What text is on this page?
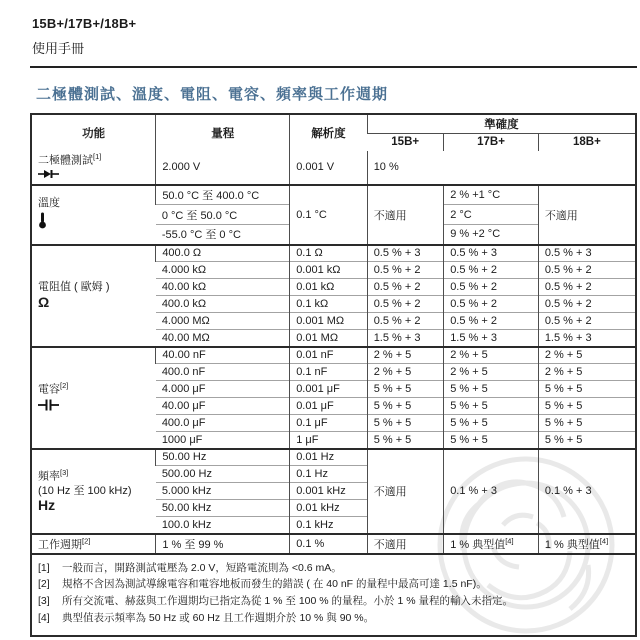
15B+/17B+/18B+
使用手冊
二極體測試、溫度、電阻、電容、頻率與工作週期
功能	量程	解析度	準確度		
			15B+	17B+	18B+

二極體測試[1]	2.000 V	0.001 V	10 %		

溫度	50.0 °C 至 400.0 °C	0.1 °C	不適用	2 % +1 °C	不適用
	0 °C 至 50.0 °C			2 °C	
	-55.0 °C 至 0 °C			9 % +2 °C	

電阻值 ( 歐姆 )
Ω	400.0 Ω	0.1 Ω	0.5 % + 3	0.5 % + 3	0.5 % + 3
	4.000 kΩ	0.001 kΩ	0.5 % + 2	0.5 % + 2	0.5 % + 2
	40.00 kΩ	0.01 kΩ	0.5 % + 2	0.5 % + 2	0.5 % + 2
	400.0 kΩ	0.1 kΩ	0.5 % + 2	0.5 % + 2	0.5 % + 2
	4.000 MΩ	0.001 MΩ	0.5 % + 2	0.5 % + 2	0.5 % + 2
	40.00 MΩ	0.01 MΩ	1.5 % + 3	1.5 % + 3	1.5 % + 3

電容[2]	40.00 nF	0.01 nF	2 % + 5	2 % + 5	2 % + 5
	400.0 nF	0.1 nF	2 % + 5	2 % + 5	2 % + 5
	4.000 μF	0.001 μF	5 % + 5	5 % + 5	5 % + 5
	40.00 μF	0.01 μF	5 % + 5	5 % + 5	5 % + 5
	400.0 μF	0.1 μF	5 % + 5	5 % + 5	5 % + 5
	1000 μF	1 μF	5 % + 5	5 % + 5	5 % + 5

頻率[3]
(10 Hz 至 100 kHz)
Hz	50.00 Hz	0.01 Hz	不適用	0.1 % + 3	0.1 % + 3
	500.00 Hz	0.1 Hz			
	5.000 kHz	0.001 kHz			
	50.00 kHz	0.01 kHz			
	100.0 kHz	0.1 kHz			
工作週期[2]	1 % 至 99 %	0.1 %	不適用	1 % 典型值[4]	1 % 典型值[4]
[1]	一般而言，開路測試電壓為 2.0 V，短路電流則為 <0.6 mA。
[2]	規格不含因為測試導線電容和電容地板而發生的錯誤 ( 在 40 nF 的量程中最高可達 1.5 nF)。
[3]	所有交流電、赫茲與工作週期均已指定為從 1 % 至 100 % 的量程。小於 1 % 量程的輸入未指定。
[4]	典型值表示頻率為 50 Hz 或 60 Hz 且工作週期介於 10 % 與 90 %。
